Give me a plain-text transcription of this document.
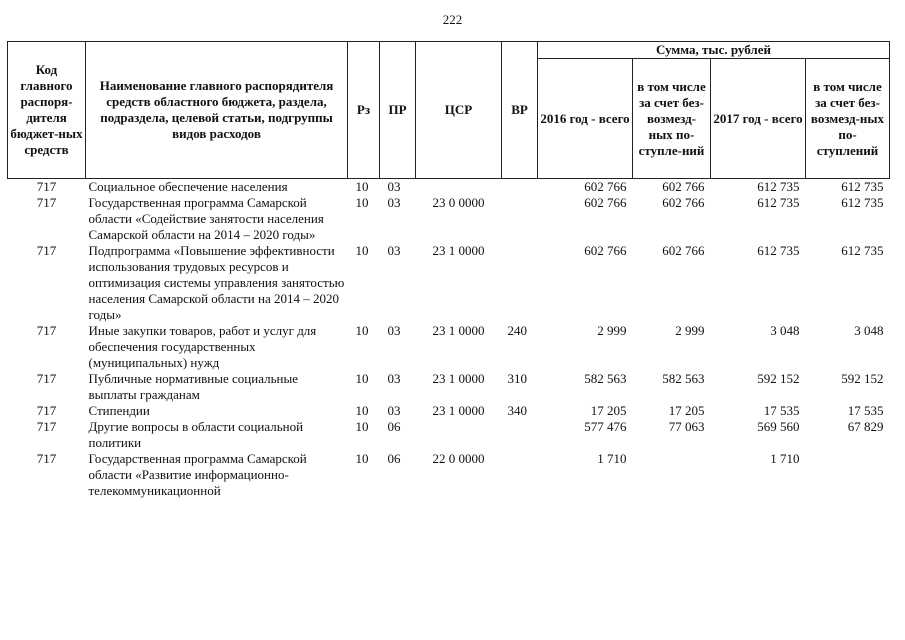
222
Код главного распоря-дителя бюджет-ных средств	Наименование главного распорядителя средств областного бюджета, раздела, подраздела, целевой статьи, подгруппы видов расходов	Рз	ПР	ЦСР	ВР	Сумма, тыс. рублей			
						2016 год - всего	в том числе за счет без-возмезд-ных по-ступле-ний	2017 год - всего	в том числе за счет без-возмезд-ных по-ступлений
717	Социальное обеспечение населения	10	03			602 766	602 766	612 735	612 735
717	Государственная программа Самарской области «Содействие занятости населения Самарской области на 2014 – 2020 годы»	10	03	23 0 0000		602 766	602 766	612 735	612 735
717	Подпрограмма «Повышение эффективности использования трудовых ресурсов и оптимизация системы управления занятостью населения Самарской области на 2014 – 2020 годы»	10	03	23 1 0000		602 766	602 766	612 735	612 735
717	Иные закупки товаров, работ и услуг для обеспечения государственных (муниципальных) нужд	10	03	23 1 0000	240	2 999	2 999	3 048	3 048
717	Публичные нормативные социальные выплаты гражданам	10	03	23 1 0000	310	582 563	582 563	592 152	592 152
717	Стипендии	10	03	23 1 0000	340	17 205	17 205	17 535	17 535
717	Другие вопросы в области социальной политики	10	06			577 476	77 063	569 560	67 829
717	Государственная программа Самарской области «Развитие информационно-телекоммуникационной	10	06	22 0 0000		1 710		1 710	
